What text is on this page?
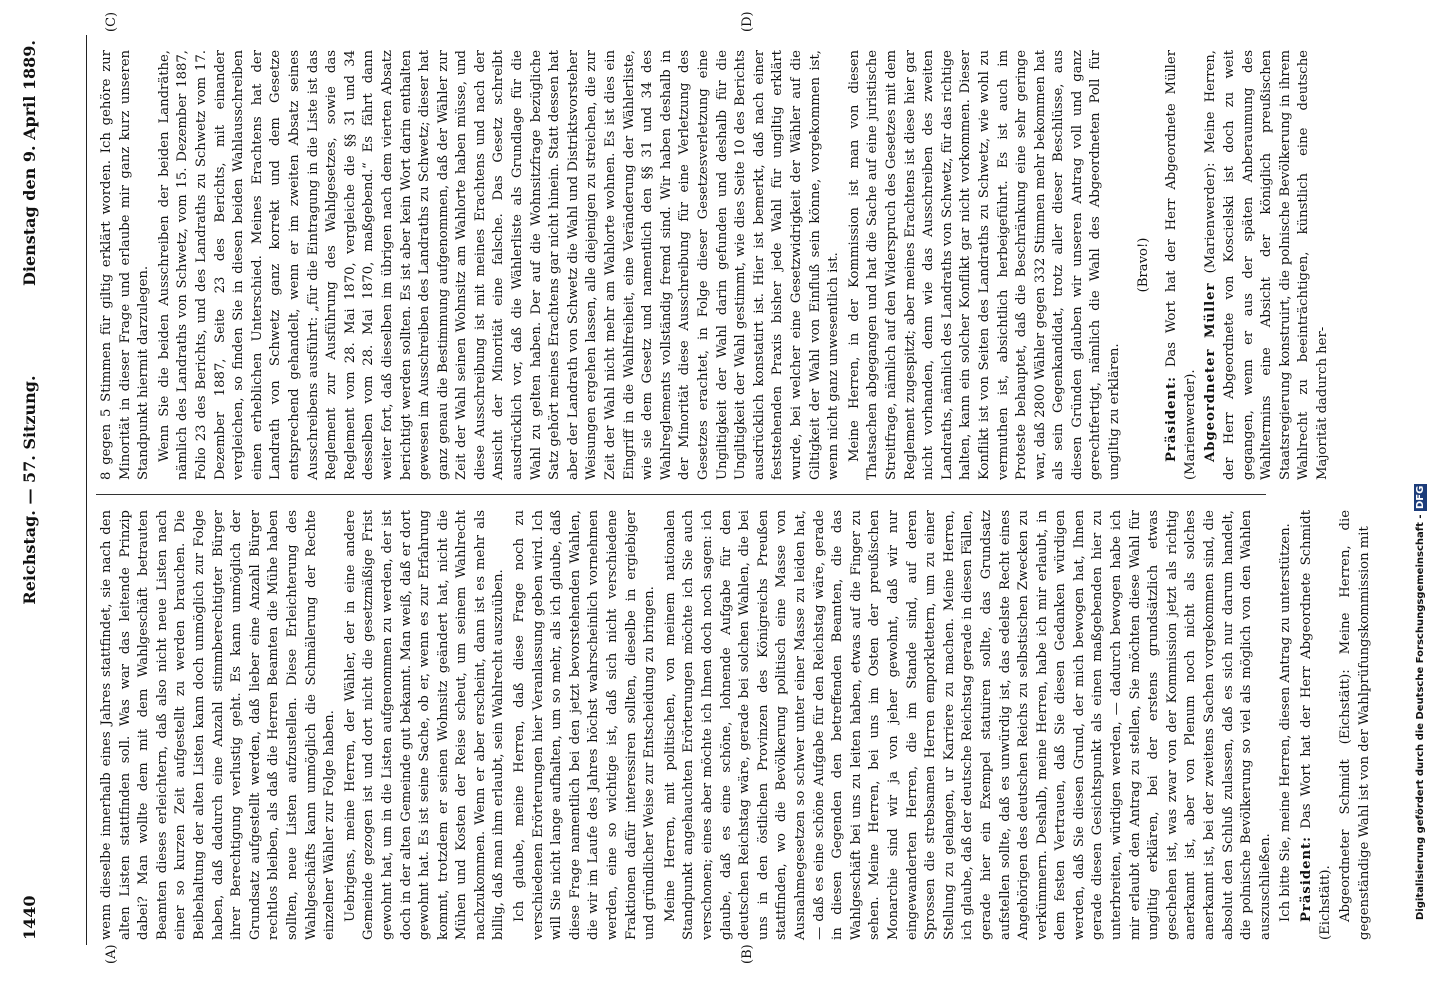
1440
Reichstag. — 57. Sitzung.
Dienstag den 9. April 1889.
(A)	(B)
(C)	(D)

wenn dieselbe innerhalb eines Jahres stattfindet, sie nach den alten Listen stattfinden soll. Was war das leitende Prinzip dabei? Man wollte dem mit dem Wahlgeschäft betrauten Beamten dieses erleichtern, daß also nicht neue Listen nach einer so kurzen Zeit aufgestellt zu werden brauchen. Die Beibehaltung der alten Listen kann doch unmöglich zur Folge haben, daß dadurch eine Anzahl stimmberechtigter Bürger ihrer Berechtigung verlustig geht. Es kann unmöglich der Grundsatz aufgestellt werden, daß lieber eine Anzahl Bürger rechtlos bleiben, als daß die Herren Beamten die Mühe haben sollten, neue Listen aufzustellen. Diese Erleichterung des Wahlgeschäfts kann unmöglich die Schmälerung der Rechte einzelner Wähler zur Folge haben. Uebrigens, meine Herren, der Wähler, der in eine andere Gemeinde gezogen ist und dort nicht die gesetzmäßige Frist gewohnt hat, um in die Listen aufgenommen zu werden, der ist doch in der alten Gemeinde gut bekannt. Man weiß, daß er dort gewohnt hat. Es ist seine Sache, ob er, wenn es zur Erfahrung kommt, trotzdem er seinen Wohnsitz geändert hat, nicht die Mühen und Kosten der Reise scheut, um seinem Wahlrecht nachzukommen. Wenn er aber erscheint, dann ist es mehr als billig, daß man ihm erlaubt, sein Wahlrecht auszuüben. Ich glaube, meine Herren, daß diese Frage noch zu verschiedenen Erörterungen hier Veranlassung geben wird. Ich will Sie nicht lange aufhalten, um so mehr, als ich glaube, daß diese Frage namentlich bei den jetzt bevorstehenden Wahlen, die wir im Laufe des Jahres höchst wahrscheinlich vornehmen werden, eine so wichtige ist, daß sich nicht verschiedene Fraktionen dafür interessiren sollten, dieselbe in ergiebiger und gründlicher Weise zur Entscheidung zu bringen. Meine Herren, mit politischen, von meinem nationalen Standpunkt angehauchten Erörterungen möchte ich Sie auch verschonen; eines aber möchte ich Ihnen doch noch sagen: ich glaube, daß es eine schöne, lohnende Aufgabe für den deutschen Reichstag wäre, gerade bei solchen Wahlen, die bei uns in den östlichen Provinzen des Königreichs Preußen stattfinden, wo die Bevölkerung politisch eine Masse von Ausnahmegesetzen so schwer unter einer Masse zu leiden hat, — daß es eine schöne Aufgabe für den Reichstag wäre, gerade in diesen Gegenden den betreffenden Beamten, die das Wahlgeschäft bei uns zu leiten haben, etwas auf die Finger zu sehen. Meine Herren, bei uns im Osten der preußischen Monarchie sind wir ja von jeher gewohnt, daß wir nur eingewanderten Herren, die im Stande sind, auf deren Sprossen die strebsamen Herren emporklettern, um zu einer Stellung zu gelangen, ur Karriere zu machen. Meine Herren, ich glaube, daß der deutsche Reichstag gerade in diesen Fällen, gerade hier ein Exempel statuiren sollte, das Grundsatz aufstellen sollte, daß es unwürdig ist, das edelste Recht eines Angehörigen des deutschen Reichs zu selbstischen Zwecken zu verkümmern. Deshalb, meine Herren, habe ich mir erlaubt, in dem festen Vertrauen, daß Sie diesen Gedanken würdigen werden, daß Sie diesen Grund, der mich bewogen hat, Ihnen gerade diesen Gesichtspunkt als einen maßgebenden hier zu unterbreiten, würdigen werden, — dadurch bewogen habe ich mir erlaubt den Antrag zu stellen, Sie möchten diese Wahl für ungiltig erklären, bei der erstens grundsätzlich etwas geschehen ist, was zwar von der Kommission jetzt als richtig anerkannt ist, aber von Plenum noch nicht als solches anerkannt ist, bei der zweitens Sachen vorgekommen sind, die absolut den Schluß zulassen, daß es sich nur darum handelt, die polnische Bevölkerung so viel als möglich von den Wahlen auszuschließen. Ich bitte Sie, meine Herren, diesen Antrag zu unterstützen. Präsident: Das Wort hat der Herr Abgeordnete Schmidt (Eichstätt). Abgeordneter Schmidt (Eichstätt): Meine Herren, die gegenständige Wahl ist von der Wahlprüfungskommission mit

8 gegen 5 Stimmen für giltig erklärt worden. Ich gehöre zur Minorität in dieser Frage und erlaube mir ganz kurz unseren Standpunkt hiermit darzulegen. Wenn Sie die beiden Ausschreiben der beiden Landräthe, nämlich des Landraths von Schwetz, vom 15. Dezember 1887, Folio 23 des Berichts, und des Landraths zu Schwetz vom 17. Dezember 1887, Seite 23 des Berichts, mit einander vergleichen, so finden Sie in diesen beiden Wahlausschreiben einen erheblichen Unterschied. Meines Erachtens hat der Landrath von Schwetz ganz korrekt und dem Gesetze entsprechend gehandelt, wenn er im zweiten Absatz seines Ausschreibens ausführt: „für die Eintragung in die Liste ist das Reglement zur Ausführung des Wahlgesetzes, sowie das Reglement vom 28. Mai 1870, vergleiche die §§ 31 und 34 desselben vom 28. Mai 1870, maßgebend.“ Es fährt dann weiter fort, daß dieselben im übrigen nach dem vierten Absatz berichtigt werden sollten. Es ist aber kein Wort darin enthalten gewesen im Ausschreiben des Landraths zu Schwetz; dieser hat ganz genau die Bestimmung aufgenommen, daß der Wähler zur Zeit der Wahl seinen Wohnsitz am Wahlorte haben müsse, und diese Ausschreibung ist mit meines Erachtens und nach der Ansicht der Minorität eine falsche. Das Gesetz schreibt ausdrücklich vor, daß die Wählerliste als Grundlage für die Wahl zu gelten haben. Der auf die Wohnsitzfrage bezügliche Satz gehört meines Erachtens gar nicht hinein. Statt dessen hat aber der Landrath von Schwetz die Wahl und Distriktsvorsteher Weisungen ergehen lassen, alle diejenigen zu streichen, die zur Zeit der Wahl nicht mehr am Wahlorte wohnen. Es ist dies ein Eingriff in die Wahlfreiheit, eine Veränderung der Wählerliste, wie sie dem Gesetz und namentlich den §§ 31 und 34 des Wahlreglements vollständig fremd sind. Wir haben deshalb in der Minorität diese Ausschreibung für eine Verletzung des Gesetzes erachtet, in Folge dieser Gesetzesverletzung eine Ungiltigkeit der Wahl darin gefunden und deshalb für die Ungiltigkeit der Wahl gestimmt, wie dies Seite 10 des Berichts ausdrücklich konstatirt ist. Hier ist bemerkt, daß nach einer feststehenden Praxis bisher jede Wahl für ungiltig erklärt wurde, bei welcher eine Gesetzwidrigkeit der Wähler auf die Giltigkeit der Wahl von Einfluß sein könne, vorgekommen ist, wenn nicht ganz unwesentlich ist. Meine Herren, in der Kommission ist man von diesen Thatsachen abgegangen und hat die Sache auf eine juristische Streitfrage, nämlich auf den Widerspruch des Gesetzes mit dem Reglement zugespitzt; aber meines Erachtens ist diese hier gar nicht vorhanden, denn wie das Ausschreiben des zweiten Landraths, nämlich des Landraths von Schwetz, für das richtige halten, kann ein solcher Konflikt gar nicht vorkommen. Dieser Konflikt ist von Seiten des Landraths zu Schwetz, wie wohl zu vermuthen ist, absichtlich herbeigeführt. Es ist auch im Proteste behauptet, daß die Beschränkung eine sehr geringe war, daß 2800 Wähler gegen 332 Stimmen mehr bekommen hat als sein Gegenkandidat, trotz aller dieser Beschlüsse, aus diesen Gründen glauben wir unseren Antrag voll und ganz gerechtfertigt, nämlich die Wahl des Abgeordneten Poll für ungiltig zu erklären.

(Bravo!)

Präsident: Das Wort hat der Herr Abgeordnete Müller (Marienwerder). Abgeordneter Müller (Marienwerder): Meine Herren, der Herr Abgeordnete von Koscielski ist doch zu weit gegangen, wenn er aus der späten Anberaumung des Wahltermins eine Absicht der königlich preußischen Staatsregierung konstruirt, die polnische Bevölkerung in ihrem Wahlrecht zu beeinträchtigen, künstlich eine deutsche Majorität dadurch her-

Digitalisierung gefördert durch die Deutsche Forschungsgemeinschaft - DFG
